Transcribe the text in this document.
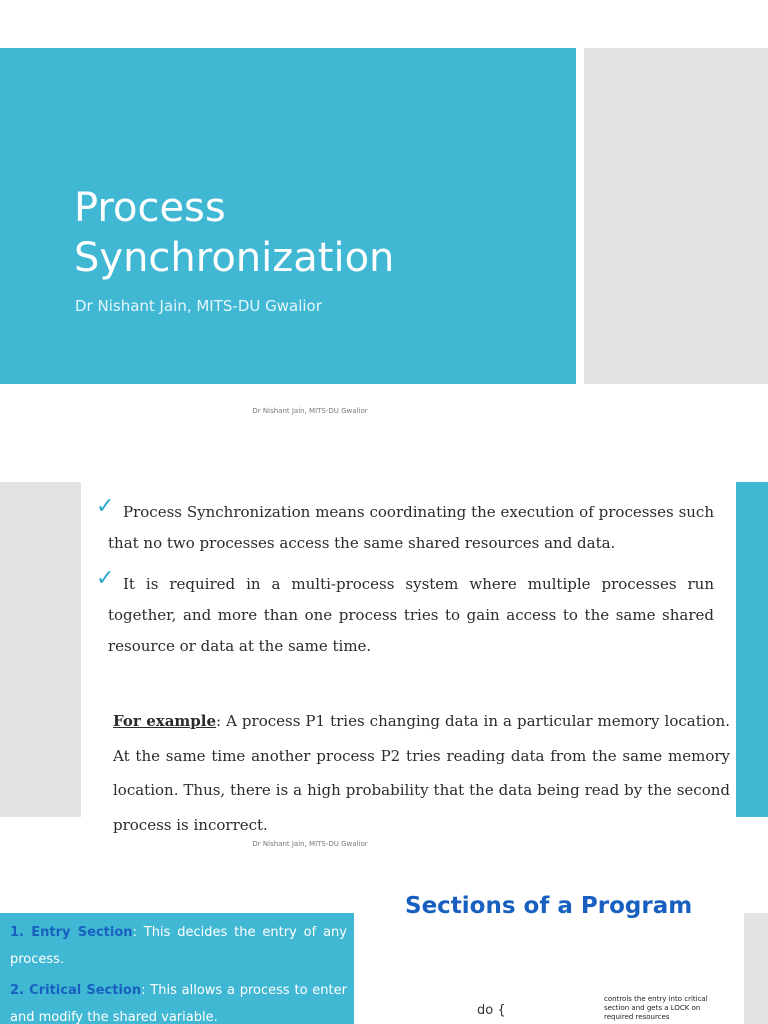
Process
Synchronization

Dr Nishant Jain, MITS-DU Gwalior

Dr Nishant Jain, MITS-DU Gwalior

✓ Process Synchronization means coordinating the execution of processes such that no two processes access the same shared resources and data.

✓ It is required in a multi-process system where multiple processes run together, and more than one process tries to gain access to the same shared resource or data at the same time.

For example: A process P1 tries changing data in a particular memory location. At the same time another process P2 tries reading data from the same memory location. Thus, there is a high probability that the data being read by the second process is incorrect.

Dr Nishant Jain, MITS-DU Gwalior

1. Entry Section: This decides the entry of any process.

2. Critical Section: This allows a process to enter and modify the shared variable.

Sections of a Program
do {

controls the entry into critical section and gets a LOCK on required resources
